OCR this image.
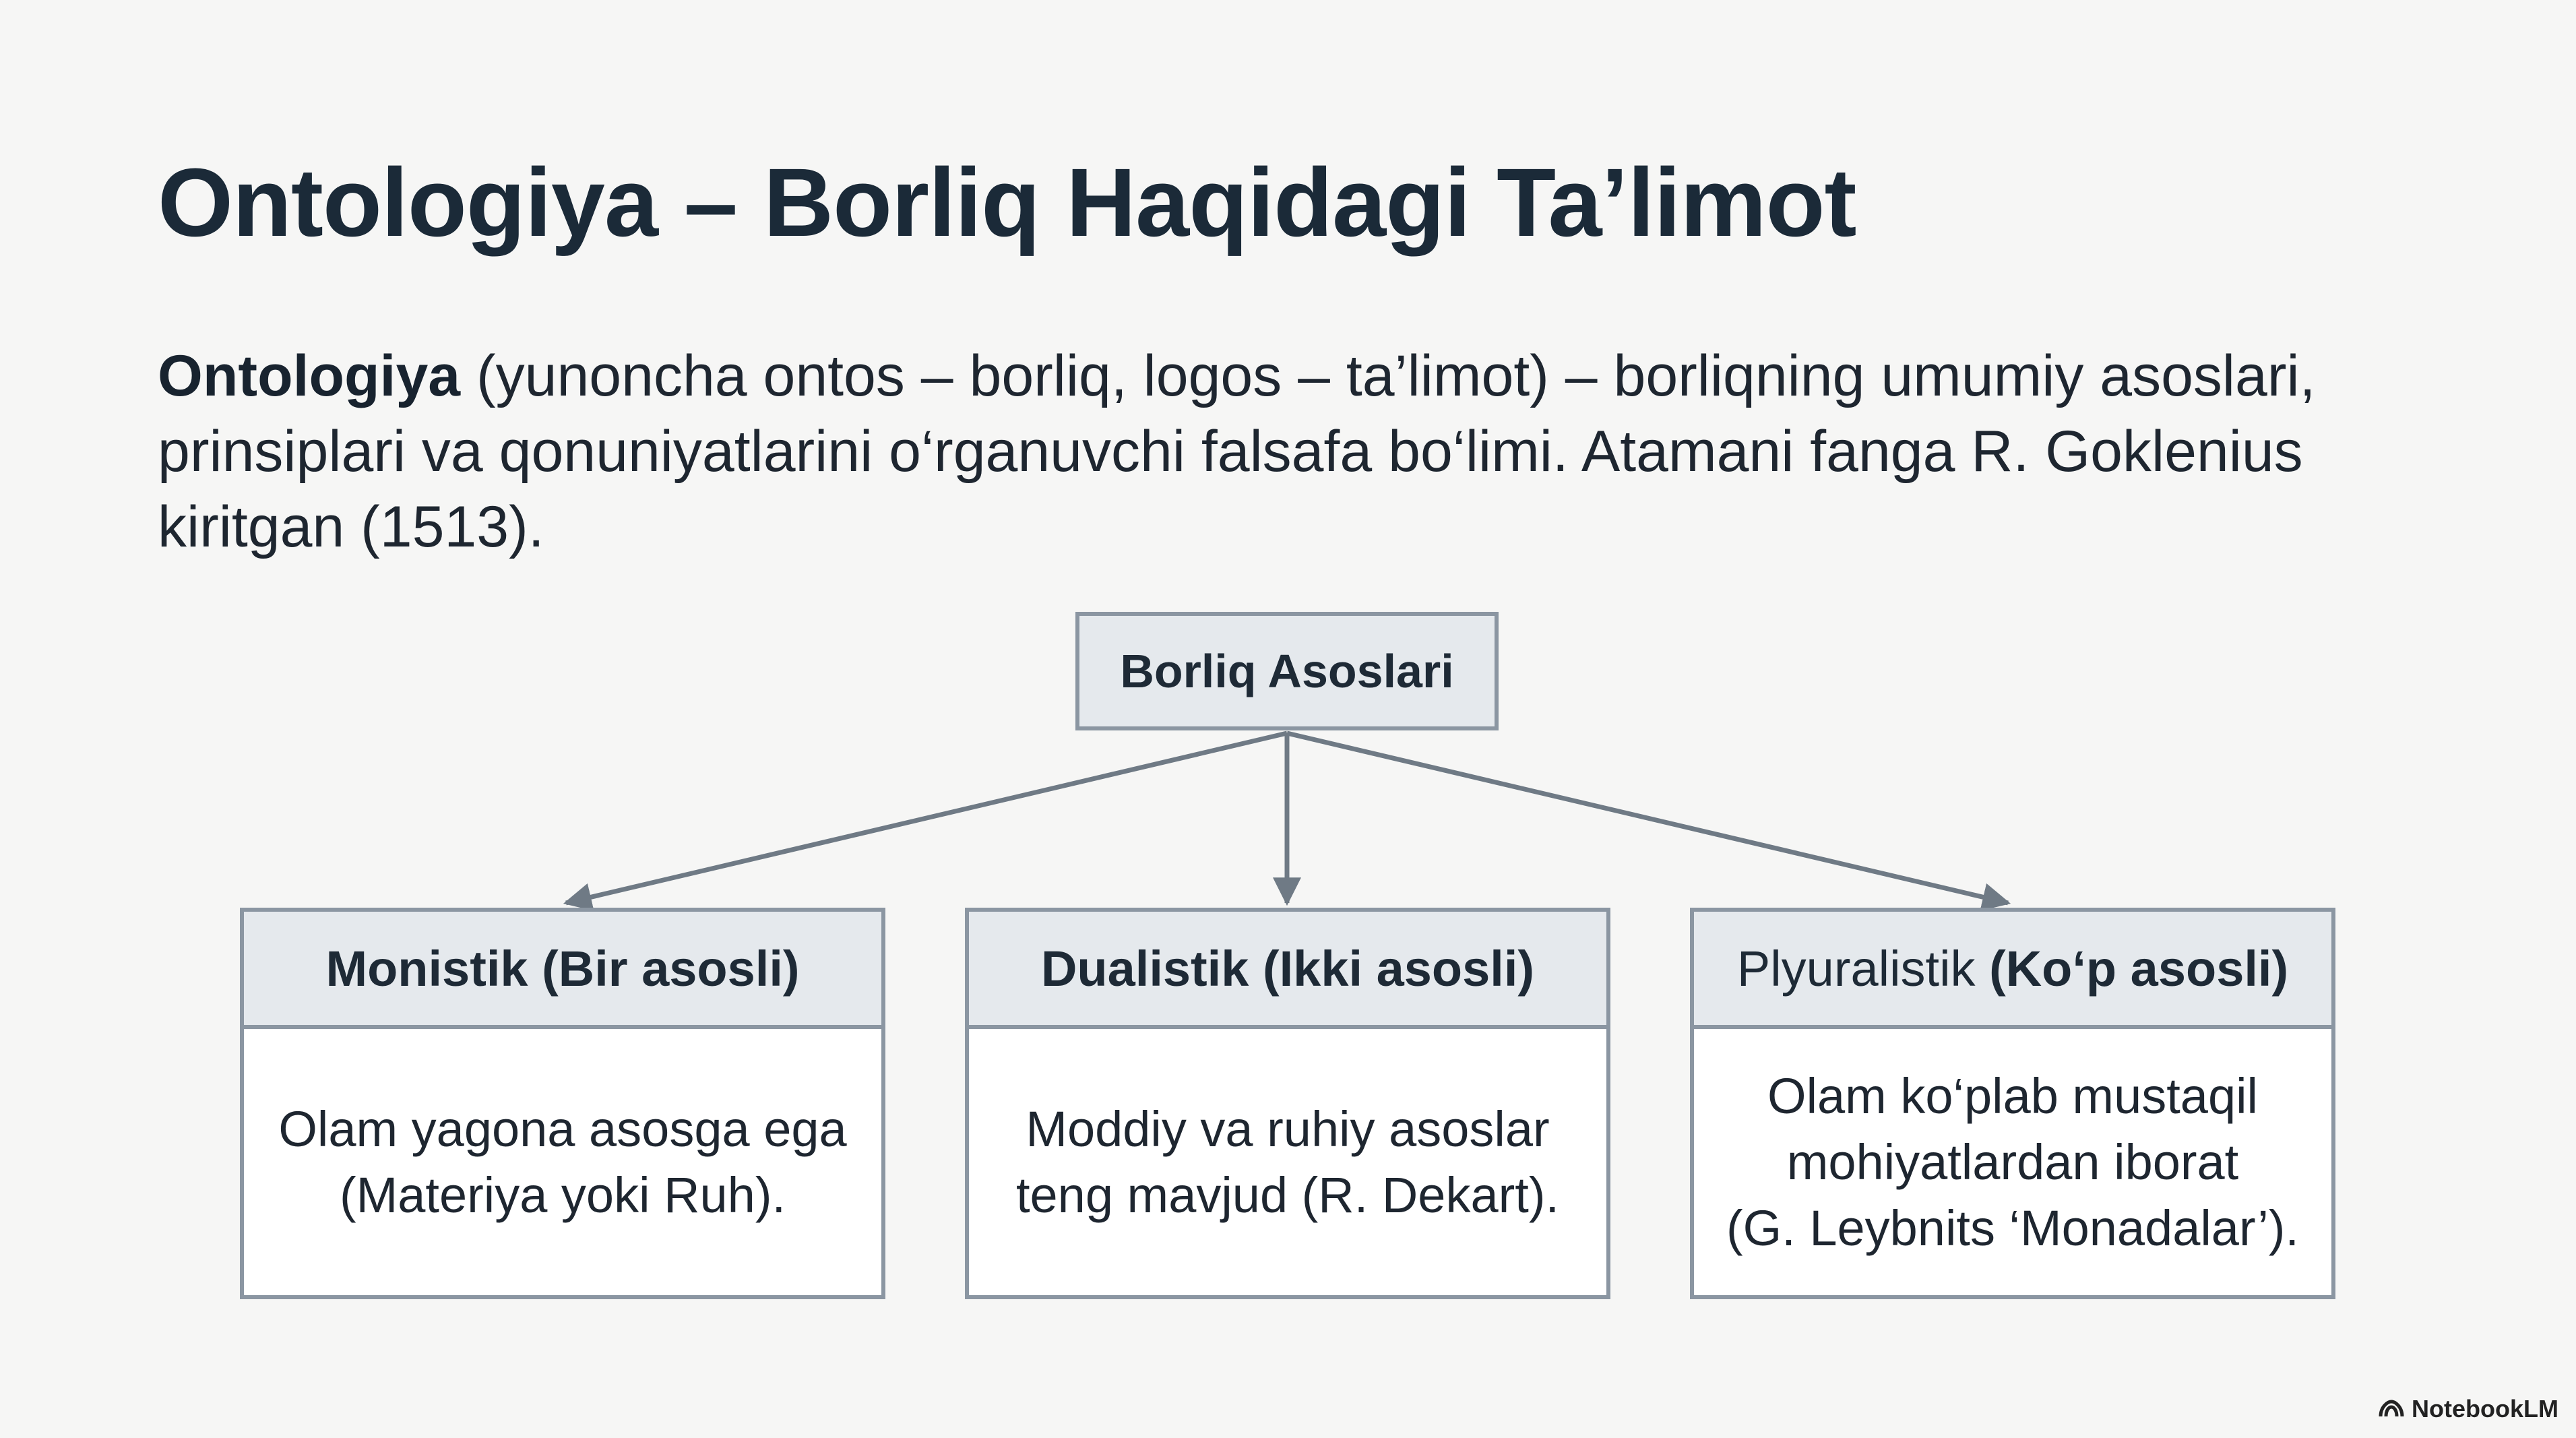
Ontologiya – Borliq Haqidagi Ta’limot
Ontologiya (yunoncha ontos – borliq, logos – ta’limot) – borliqning umumiy asoslari, prinsiplari va qonuniyatlarini o‘rganuvchi falsafa bo‘limi. Atamani fanga R. Goklenius kiritgan (1513).
Borliq Asoslari
Monistik (Bir asosli)
Olam yagona asosga ega
(Materiya yoki Ruh).
Dualistik (Ikki asosli)
Moddiy va ruhiy asoslar
teng mavjud (R. Dekart).
Plyuralistik (Ko‘p asosli)
Olam ko‘plab mustaqil
mohiyatlardan iborat
(G. Leybnits ‘Monadalar’).
NotebookLM
